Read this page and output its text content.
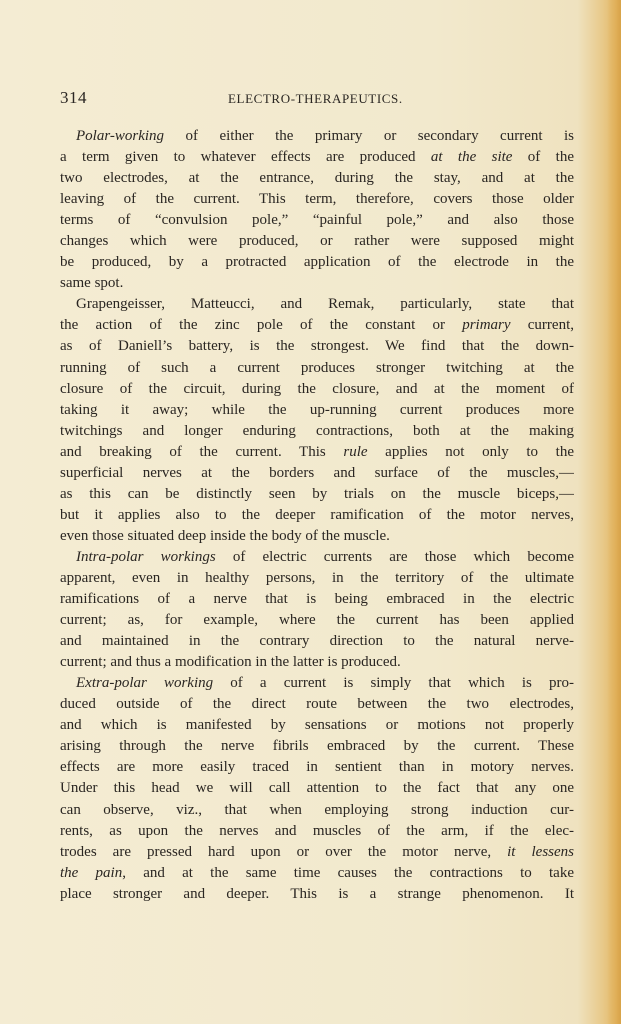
314	ELECTRO-THERAPEUTICS.
Polar-working of either the primary or secondary current is
a term given to whatever effects are produced at the site of the
two electrodes, at the entrance, during the stay, and at the
leaving of the current. This term, therefore, covers those older
terms of “convulsion pole,” “painful pole,” and also those
changes which were produced, or rather were supposed might
be produced, by a protracted application of the electrode in the
same spot.
Grapengeisser, Matteucci, and Remak, particularly, state that
the action of the zinc pole of the constant or primary current,
as of Daniell’s battery, is the strongest. We find that the down-
running of such a current produces stronger twitching at the
closure of the circuit, during the closure, and at the moment of
taking it away; while the up-running current produces more
twitchings and longer enduring contractions, both at the making
and breaking of the current. This rule applies not only to the
superficial nerves at the borders and surface of the muscles,—
as this can be distinctly seen by trials on the muscle biceps,—
but it applies also to the deeper ramification of the motor nerves,
even those situated deep inside the body of the muscle.
Intra-polar workings of electric currents are those which become
apparent, even in healthy persons, in the territory of the ultimate
ramifications of a nerve that is being embraced in the electric
current; as, for example, where the current has been applied
and maintained in the contrary direction to the natural nerve-
current; and thus a modification in the latter is produced.
Extra-polar working of a current is simply that which is pro-
duced outside of the direct route between the two electrodes,
and which is manifested by sensations or motions not properly
arising through the nerve fibrils embraced by the current. These
effects are more easily traced in sentient than in motory nerves.
Under this head we will call attention to the fact that any one
can observe, viz., that when employing strong induction cur-
rents, as upon the nerves and muscles of the arm, if the elec-
trodes are pressed hard upon or over the motor nerve, it lessens
the pain, and at the same time causes the contractions to take
place stronger and deeper. This is a strange phenomenon. It
